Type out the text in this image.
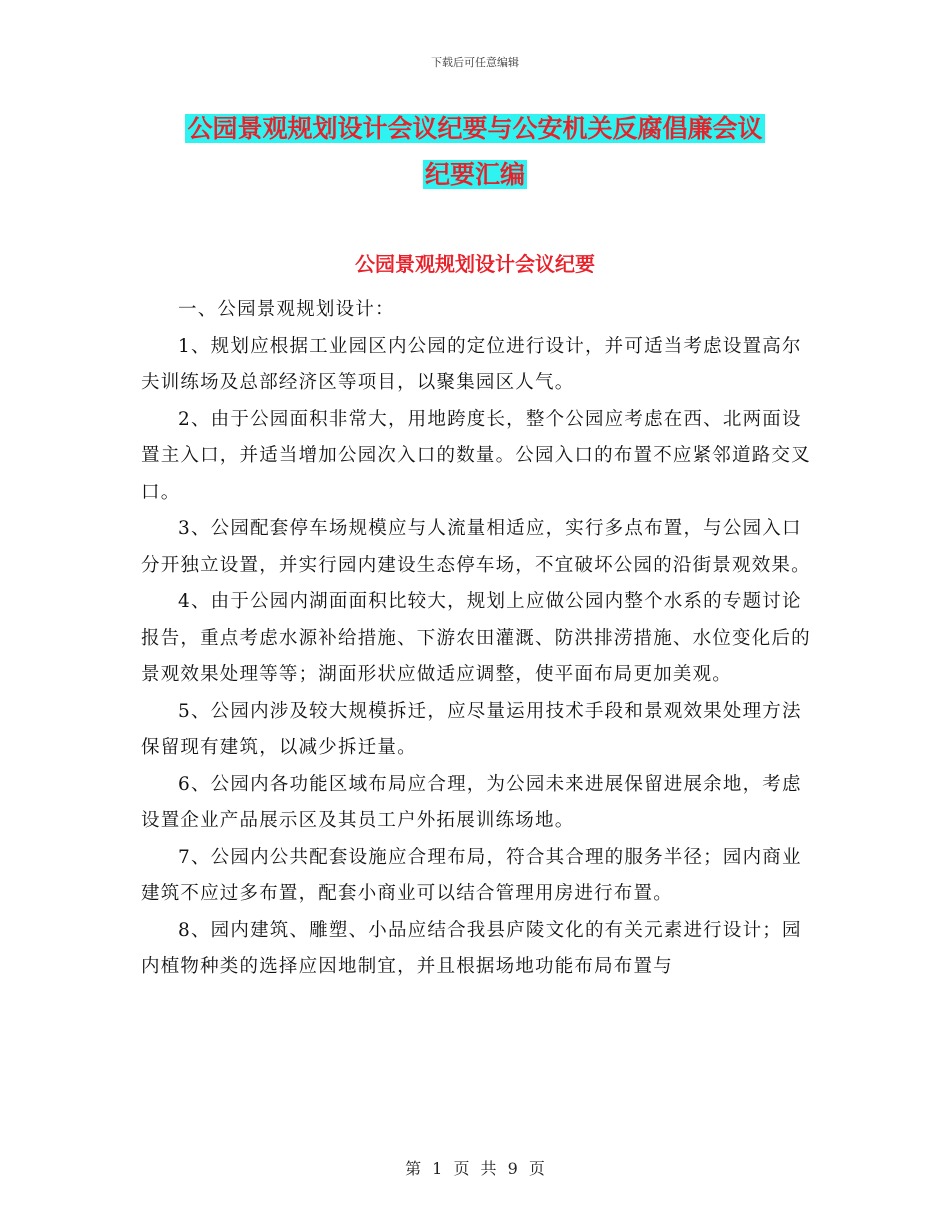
下载后可任意编辑
公园景观规划设计会议纪要与公安机关反腐倡廉会议
纪要汇编
公园景观规划设计会议纪要

一、公园景观规划设计：

1、规划应根据工业园区内公园的定位进行设计，并可适当考虑设置高尔夫训练场及总部经济区等项目，以聚集园区人气。

2、由于公园面积非常大，用地跨度长，整个公园应考虑在西、北两面设置主入口，并适当增加公园次入口的数量。公园入口的布置不应紧邻道路交叉口。

3、公园配套停车场规模应与人流量相适应，实行多点布置，与公园入口分开独立设置，并实行园内建设生态停车场，不宜破坏公园的沿街景观效果。

4、由于公园内湖面面积比较大，规划上应做公园内整个水系的专题讨论报告，重点考虑水源补给措施、下游农田灌溉、防洪排涝措施、水位变化后的景观效果处理等等；湖面形状应做适应调整，使平面布局更加美观。

5、公园内涉及较大规模拆迁，应尽量运用技术手段和景观效果处理方法保留现有建筑，以减少拆迁量。

6、公园内各功能区域布局应合理，为公园未来进展保留进展余地，考虑设置企业产品展示区及其员工户外拓展训练场地。

7、公园内公共配套设施应合理布局，符合其合理的服务半径；园内商业建筑不应过多布置，配套小商业可以结合管理用房进行布置。

8、园内建筑、雕塑、小品应结合我县庐陵文化的有关元素进行设计；园内植物种类的选择应因地制宜，并且根据场地功能布局布置与

第 1 页 共 9 页
